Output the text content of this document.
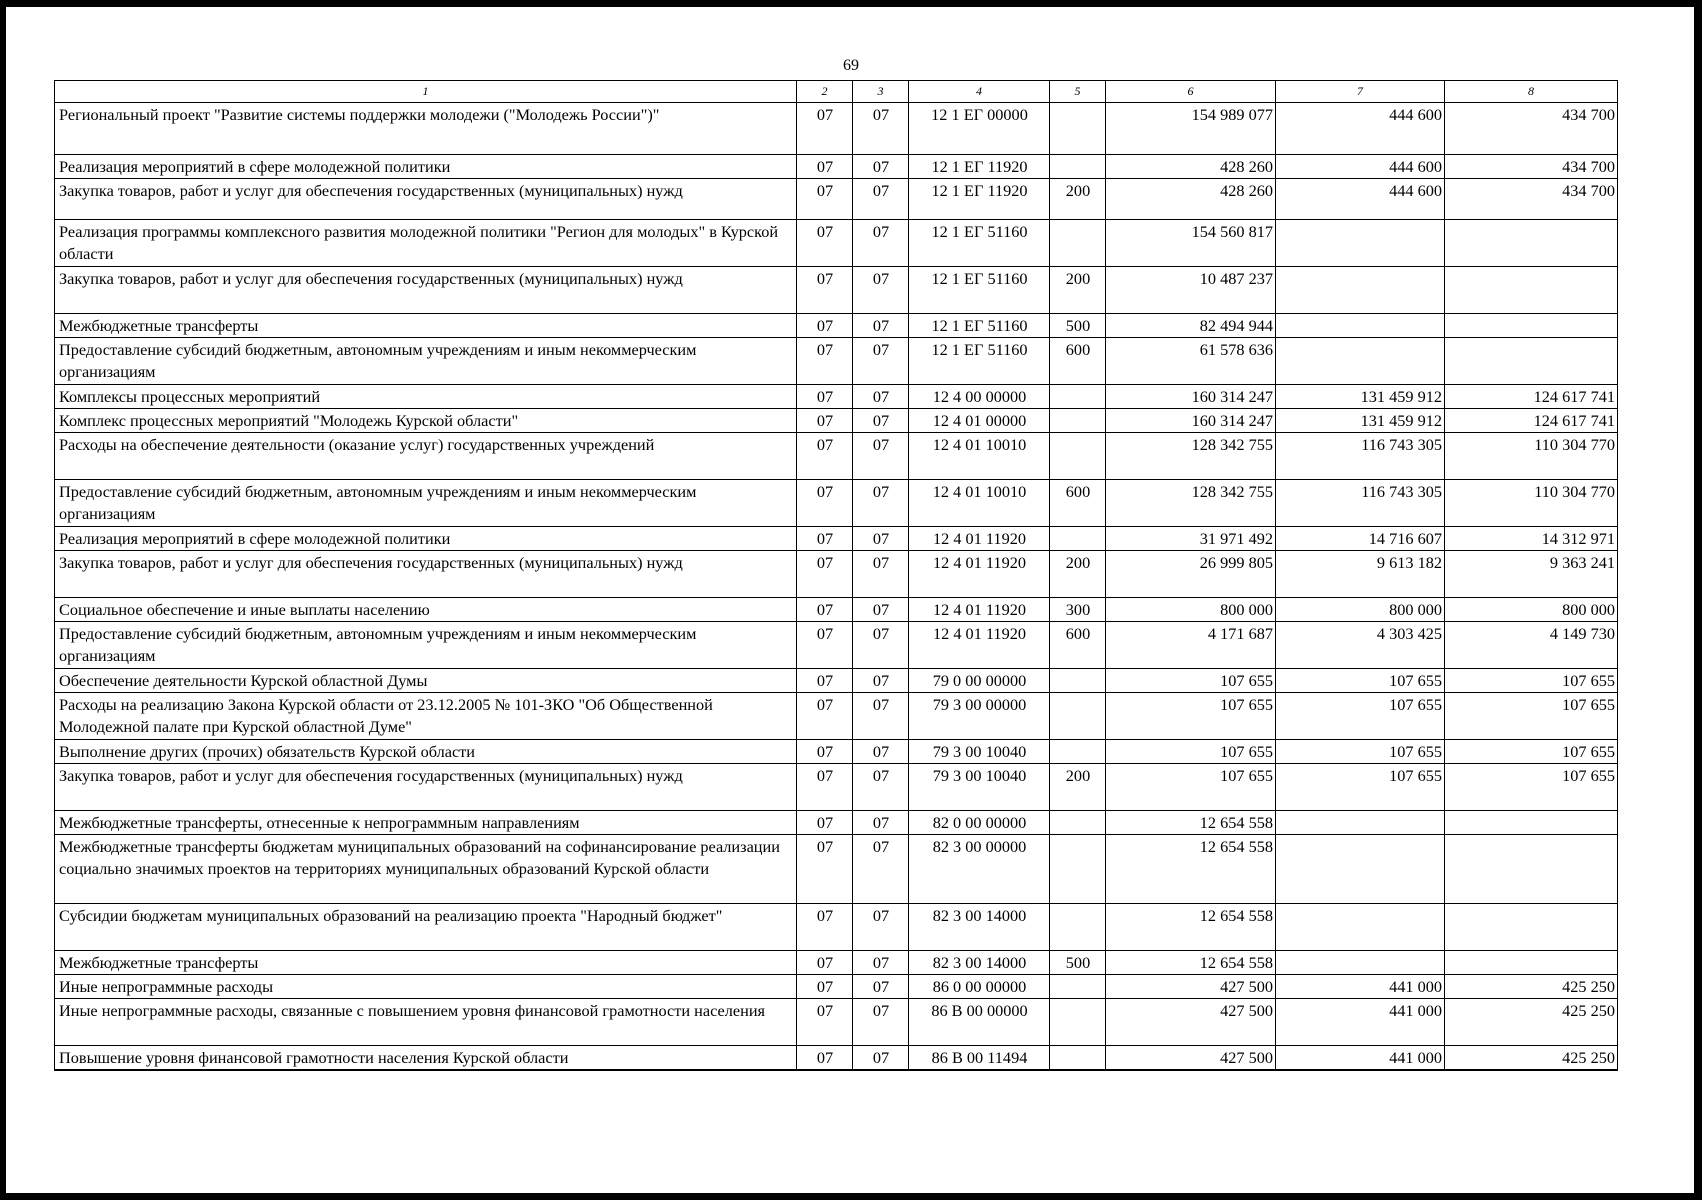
69
1	2	3	4	5	6	7	8
Региональный проект "Развитие системы поддержки молодежи ("Молодежь России")"	07	07	12 1 ЕГ 00000		154 989 077	444 600	434 700
Реализация мероприятий в сфере молодежной политики	07	07	12 1 ЕГ 11920		428 260	444 600	434 700
Закупка товаров, работ и услуг для обеспечения государственных (муниципальных) нужд	07	07	12 1 ЕГ 11920	200	428 260	444 600	434 700
Реализация программы комплексного развития молодежной политики "Регион для молодых" в Курской области	07	07	12 1 ЕГ 51160		154 560 817		
Закупка товаров, работ и услуг для обеспечения государственных (муниципальных) нужд	07	07	12 1 ЕГ 51160	200	10 487 237		
Межбюджетные трансферты	07	07	12 1 ЕГ 51160	500	82 494 944		
Предоставление субсидий бюджетным, автономным учреждениям и иным некоммерческим организациям	07	07	12 1 ЕГ 51160	600	61 578 636		
Комплексы процессных мероприятий	07	07	12 4 00 00000		160 314 247	131 459 912	124 617 741
Комплекс процессных мероприятий "Молодежь Курской области"	07	07	12 4 01 00000		160 314 247	131 459 912	124 617 741
Расходы на обеспечение деятельности (оказание услуг) государственных учреждений	07	07	12 4 01 10010		128 342 755	116 743 305	110 304 770
Предоставление субсидий бюджетным, автономным учреждениям и иным некоммерческим организациям	07	07	12 4 01 10010	600	128 342 755	116 743 305	110 304 770
Реализация мероприятий в сфере молодежной политики	07	07	12 4 01 11920		31 971 492	14 716 607	14 312 971
Закупка товаров, работ и услуг для обеспечения государственных (муниципальных) нужд	07	07	12 4 01 11920	200	26 999 805	9 613 182	9 363 241
Социальное обеспечение и иные выплаты населению	07	07	12 4 01 11920	300	800 000	800 000	800 000
Предоставление субсидий бюджетным, автономным учреждениям и иным некоммерческим организациям	07	07	12 4 01 11920	600	4 171 687	4 303 425	4 149 730
Обеспечение деятельности Курской областной Думы	07	07	79 0 00 00000		107 655	107 655	107 655
Расходы на реализацию Закона Курской области от 23.12.2005 № 101-ЗКО "Об Общественной Молодежной палате при Курской областной Думе"	07	07	79 3 00 00000		107 655	107 655	107 655
Выполнение других (прочих) обязательств Курской области	07	07	79 3 00 10040		107 655	107 655	107 655
Закупка товаров, работ и услуг для обеспечения государственных (муниципальных) нужд	07	07	79 3 00 10040	200	107 655	107 655	107 655
Межбюджетные трансферты, отнесенные к непрограммным направлениям	07	07	82 0 00 00000		12 654 558		
Межбюджетные трансферты бюджетам муниципальных образований на софинансирование реализации социально значимых проектов на территориях муниципальных образований Курской области	07	07	82 3 00 00000		12 654 558		
Субсидии бюджетам муниципальных образований на реализацию проекта "Народный бюджет"	07	07	82 3 00 14000		12 654 558		
Межбюджетные трансферты	07	07	82 3 00 14000	500	12 654 558		
Иные непрограммные расходы	07	07	86 0 00 00000		427 500	441 000	425 250
Иные непрограммные расходы, связанные с повышением уровня финансовой грамотности населения	07	07	86 В 00 00000		427 500	441 000	425 250
Повышение уровня финансовой грамотности населения Курской области	07	07	86 В 00 11494		427 500	441 000	425 250
